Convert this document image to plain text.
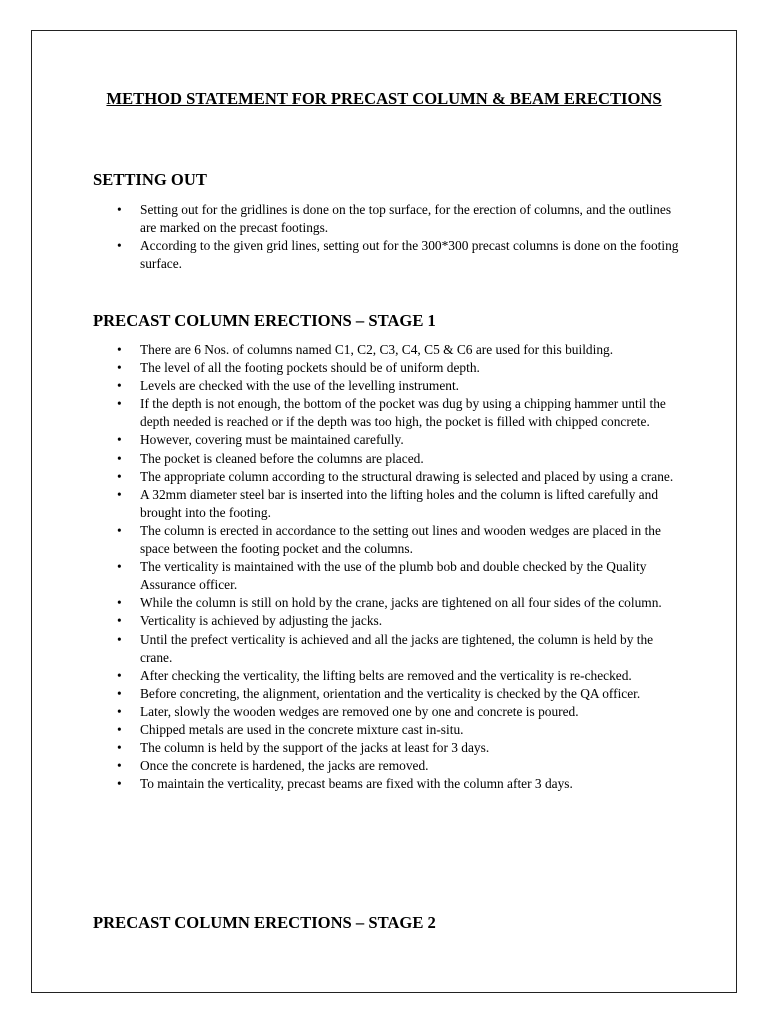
METHOD STATEMENT FOR PRECAST COLUMN & BEAM ERECTIONS
SETTING OUT
• Setting out for the gridlines is done on the top surface, for the erection of columns, and the outlines are marked on the precast footings.
• According to the given grid lines, setting out for the 300*300 precast columns is done on the footing surface.
PRECAST COLUMN ERECTIONS – STAGE 1
• There are 6 Nos. of columns named C1, C2, C3, C4, C5 & C6 are used for this building.
• The level of all the footing pockets should be of uniform depth.
• Levels are checked with the use of the levelling instrument.
• If the depth is not enough, the bottom of the pocket was dug by using a chipping hammer until the depth needed is reached or if the depth was too high, the pocket is filled with chipped concrete.
• However, covering must be maintained carefully.
• The pocket is cleaned before the columns are placed.
• The appropriate column according to the structural drawing is selected and placed by using a crane.
• A 32mm diameter steel bar is inserted into the lifting holes and the column is lifted carefully and brought into the footing.
• The column is erected in accordance to the setting out lines and wooden wedges are placed in the space between the footing pocket and the columns.
• The verticality is maintained with the use of the plumb bob and double checked by the Quality Assurance officer.
• While the column is still on hold by the crane, jacks are tightened on all four sides of the column.
• Verticality is achieved by adjusting the jacks.
• Until the prefect verticality is achieved and all the jacks are tightened, the column is held by the crane.
• After checking the verticality, the lifting belts are removed and the verticality is re-checked.
• Before concreting, the alignment, orientation and the verticality is checked by the QA officer.
• Later, slowly the wooden wedges are removed one by one and concrete is poured.
• Chipped metals are used in the concrete mixture cast in-situ.
• The column is held by the support of the jacks at least for 3 days.
• Once the concrete is hardened, the jacks are removed.
• To maintain the verticality, precast beams are fixed with the column after 3 days.
PRECAST COLUMN ERECTIONS – STAGE 2
